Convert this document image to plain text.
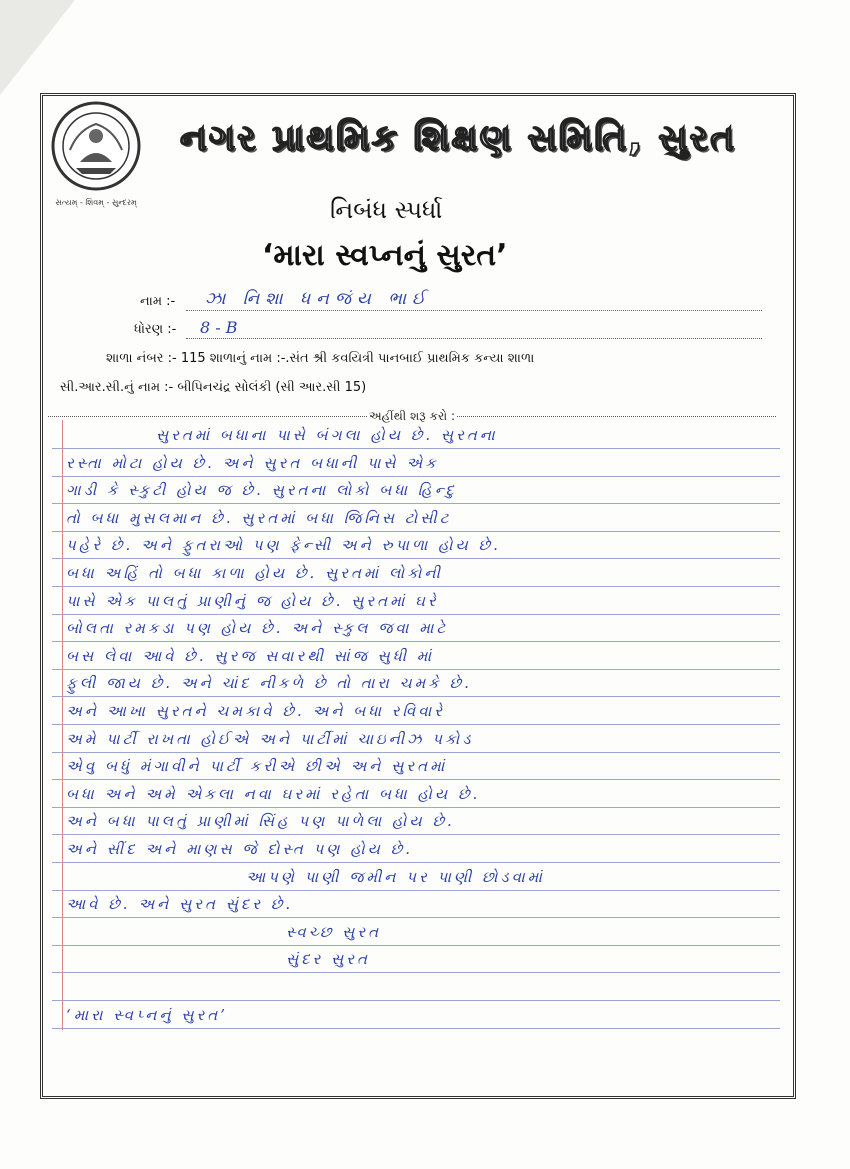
સત્યમ્ - શિવમ્ - સુન્દરમ્
નગર પ્રાથમિક શિક્ષણ સમિતિ, સુરત
નિબંધ સ્પર્ધા
‘મારા સ્વપ્નનું સુરત’
નામ :- ઝા નિશા ધનજંય ભાઈ
ધોરણ :- 8 - B
શાળા નંબર :- 115 શાળાનું નામ :-.સંત શ્રી કવયિત્રી પાનબાઈ પ્રાથમિક કન્યા શાળા
સી.આર.સી.નું નામ :- બીપિનચંદ્ર સોલંકી (સી આર.સી 15)
અહીંથી શરૂ કરો :
સુરતમાં બધાના પાસે બંગલા હોય છે. સુરતના
રસ્તા મોટા હોય છે. અને સુરત બધાની પાસે એક
ગાડી કે સ્કુટી હોય જ છે. સુરતના લોકો બધા હિન્દુ
તો બધા મુસલમાન છે. સુરતમાં બધા જિનિસ ટોસીટ
પહેરે છે. અને ફુતરાઓ પણ ફેન્સી અને રુપાળા હોય છે.
બધા અહિં તો બધા કાળા હોય છે. સુરતમાં લોકોની
પાસે એક પાલતું પ્રાણીનું જ હોય છે. સુરતમાં ઘરે
બોલતા રમકડા પણ હોય છે. અને સ્કુલ જવા માટે
બસ લેવા આવે છે. સુરજ સવારથી સાંજ સુધી માં
ફુલી જાય છે. અને ચાંદ નીકળે છે તો તારા ચમકે છે.
અને આખા સુરતને ચમકાવે છે. અને બધા રવિવારે
અમે પાર્ટી રાખતા હોઈએ અને પાર્ટીમાં ચાઇનીઝ પકોડ
એવુ બધું મંગાવીને પાર્ટી કરીએ છીએ અને સુરતમાં
બધા અને અમે એકલા નવા ઘરમાં રહેતા બધા હોય છે.
અને બધા પાલતું પ્રાણીમાં સિંહ પણ પાળેલા હોય છે.
અને સીંદ અને માણસ જે દોસ્ત પણ હોય છે.
આપણે પાણી જમીન પર પાણી છોડવામાં
આવે છે. અને સુરત સુંદર છે.
સ્વચ્છ સુરત
સુંદર સુરત
‘મારા સ્વપ્નનું સુરત’
